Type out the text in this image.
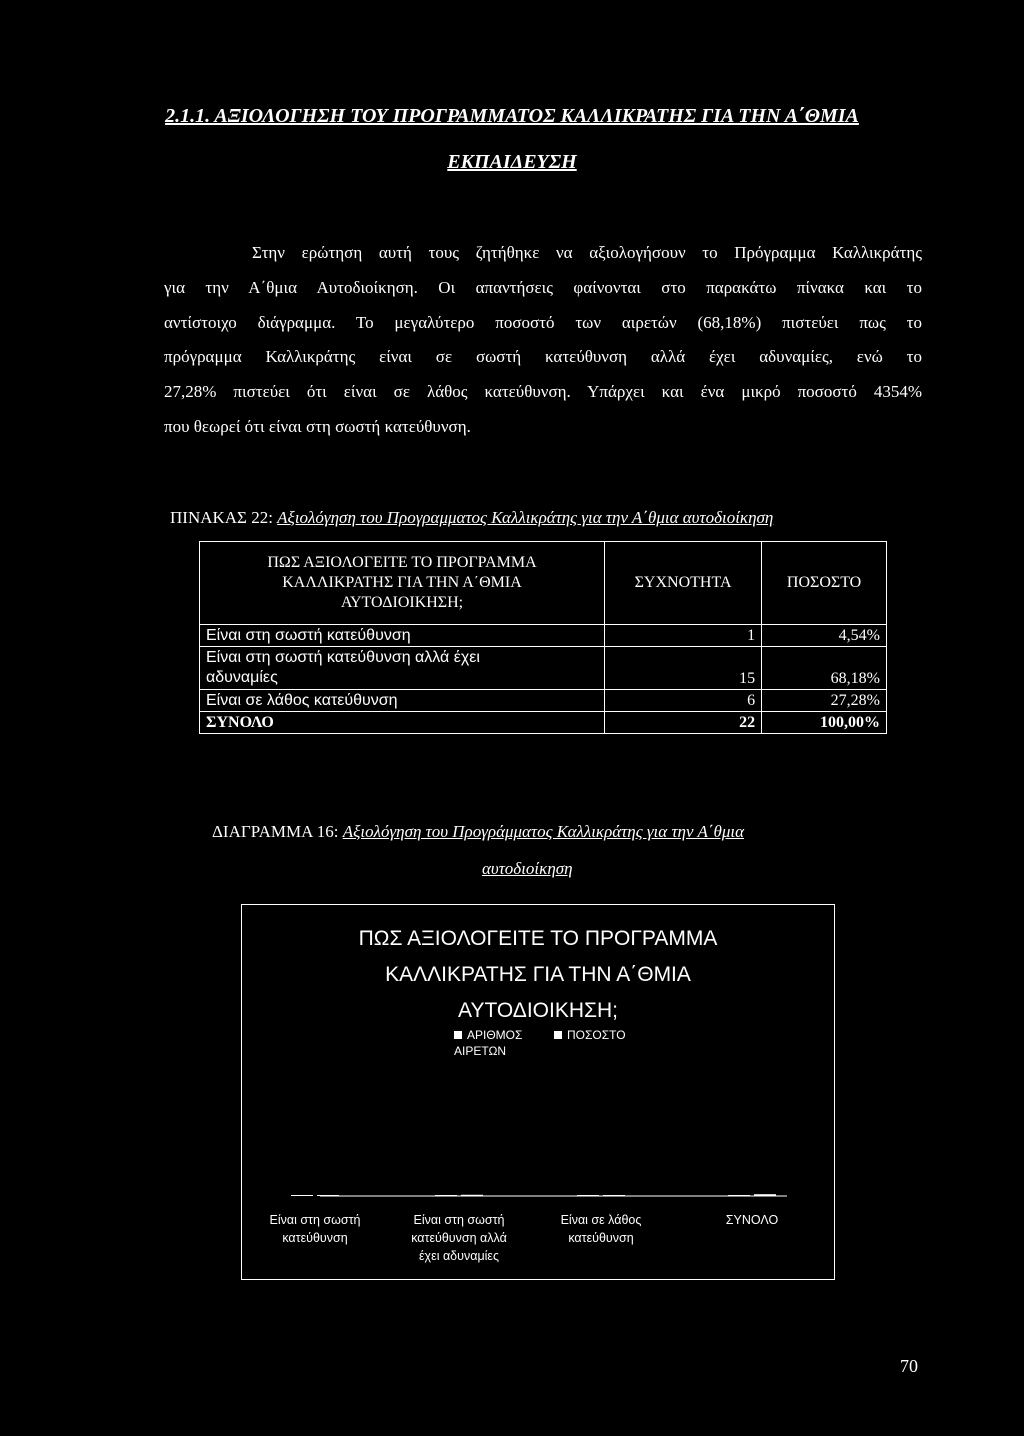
2.1.1. ΑΞΙΟΛΟΓΗΣΗ ΤΟΥ ΠΡΟΓΡΑΜΜΑΤΟΣ ΚΑΛΛΙΚΡΑΤΗΣ ΓΙΑ ΤΗΝ Α΄ΘΜΙΑ
ΕΚΠΑΙΔΕΥΣΗ
Στην ερώτηση αυτή τους ζητήθηκε να αξιολογήσουν το Πρόγραμμα Καλλικράτης
για την Α΄θμια Αυτοδιοίκηση. Οι απαντήσεις φαίνονται στο παρακάτω πίνακα και το
αντίστοιχο διάγραμμα. Το μεγαλύτερο ποσοστό των αιρετών (68,18%) πιστεύει πως το
πρόγραμμα Καλλικράτης είναι σε σωστή κατεύθυνση αλλά έχει αδυναμίες, ενώ το
27,28% πιστεύει ότι είναι σε λάθος κατεύθυνση. Υπάρχει και ένα μικρό ποσοστό 4354%
που θεωρεί ότι είναι στη σωστή κατεύθυνση.
ΠΙΝΑΚΑΣ 22: Αξιολόγηση του Προγραμματος Καλλικράτης για την Α΄θμια αυτοδιοίκηση
ΠΩΣ ΑΞΙΟΛΟΓΕΙΤΕ ΤΟ ΠΡΟΓΡΑΜΜΑ
ΚΑΛΛΙΚΡΑΤΗΣ ΓΙΑ ΤΗΝ Α΄ΘΜΙΑ
ΑΥΤΟΔΙΟΙΚΗΣΗ;	ΣΥΧΝΟΤΗΤΑ	ΠΟΣΟΣΤΟ
Είναι στη σωστή κατεύθυνση	1	4,54%
Είναι στη σωστή κατεύθυνση αλλά έχει
αδυναμίες	15	68,18%
Είναι σε λάθος κατεύθυνση	6	27,28%
ΣΥΝΟΛΟ	22	100,00%
ΔΙΑΓΡΑΜΜΑ 16: Αξιολόγηση του Προγράμματος Καλλικράτης για την Α΄θμια
αυτοδιοίκηση
ΠΩΣ ΑΞΙΟΛΟΓΕΙΤΕ ΤΟ ΠΡΟΓΡΑΜΜΑ
ΚΑΛΛΙΚΡΑΤΗΣ ΓΙΑ ΤΗΝ Α΄ΘΜΙΑ
ΑΥΤΟΔΙΟΙΚΗΣΗ;
ΑΡΙΘΜΟΣ ΑΙΡΕΤΩΝ
ΠΟΣΟΣΤΟ
Είναι στη σωστή
κατεύθυνση
Είναι στη σωστή
κατεύθυνση αλλά
έχει αδυναμίες
Είναι σε λάθος
κατεύθυνση
ΣΥΝΟΛΟ
70
